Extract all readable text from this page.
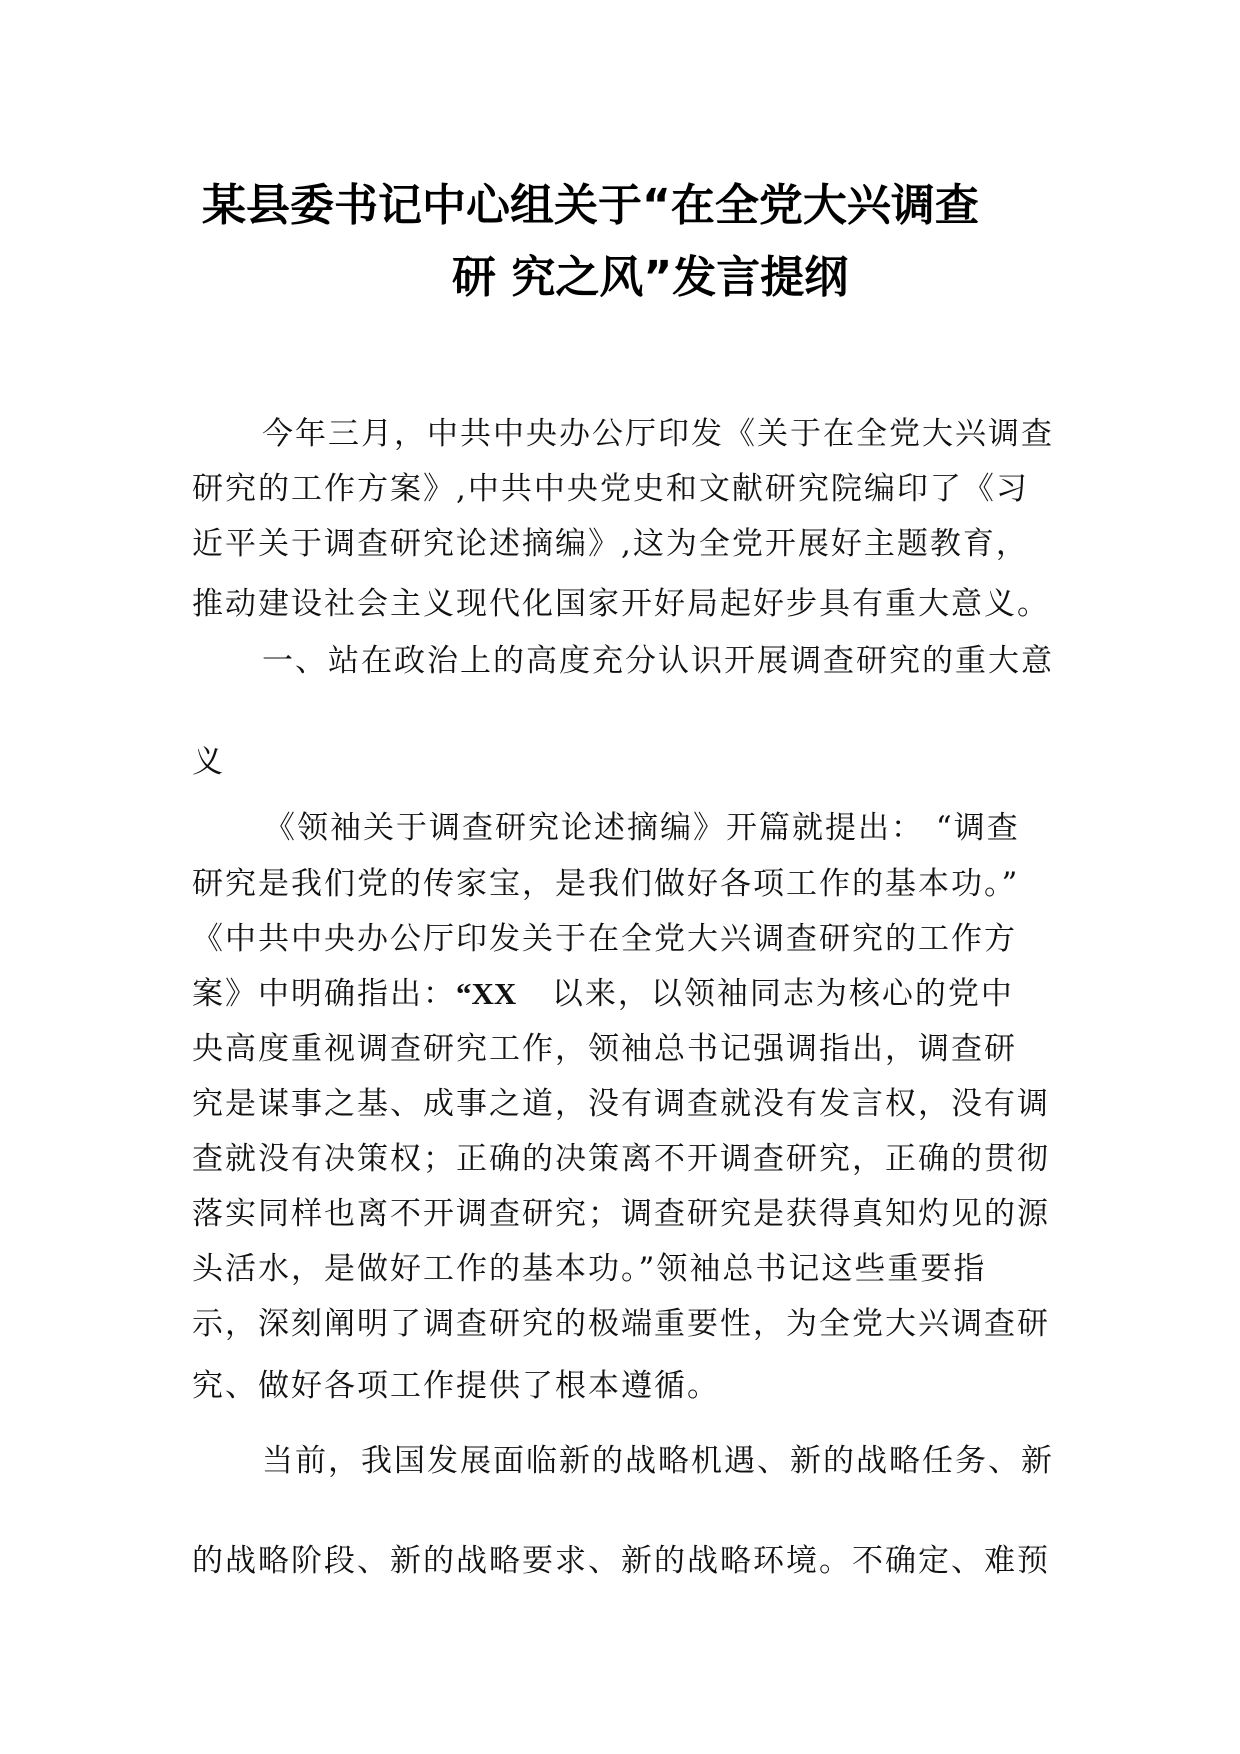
某县委书记中心组关于“在全党大兴调查
研 究之风”发言提纲
今年三月，中共中央办公厅印发《关于在全党大兴调查
研究的工作方案》,中共中央党史和文献研究院编印了《习
近平关于调查研究论述摘编》,这为全党开展好主题教育，
推动建设社会主义现代化国家开好局起好步具有重大意义。
一、站在政治上的高度充分认识开展调查研究的重大意
义
《领袖关于调查研究论述摘编》开篇就提出： “调查
研究是我们党的传家宝，是我们做好各项工作的基本功。”
《中共中央办公厅印发关于在全党大兴调查研究的工作方
案》中明确指出：“XX 以来，以领袖同志为核心的党中
央高度重视调查研究工作，领袖总书记强调指出，调查研
究是谋事之基、成事之道，没有调查就没有发言权，没有调
查就没有决策权；正确的决策离不开调查研究，正确的贯彻
落实同样也离不开调查研究；调查研究是获得真知灼见的源
头活水，是做好工作的基本功。”领袖总书记这些重要指
示，深刻阐明了调查研究的极端重要性，为全党大兴调查研
究、做好各项工作提供了根本遵循。
当前，我国发展面临新的战略机遇、新的战略任务、新
的战略阶段、新的战略要求、新的战略环境。不确定、难预
